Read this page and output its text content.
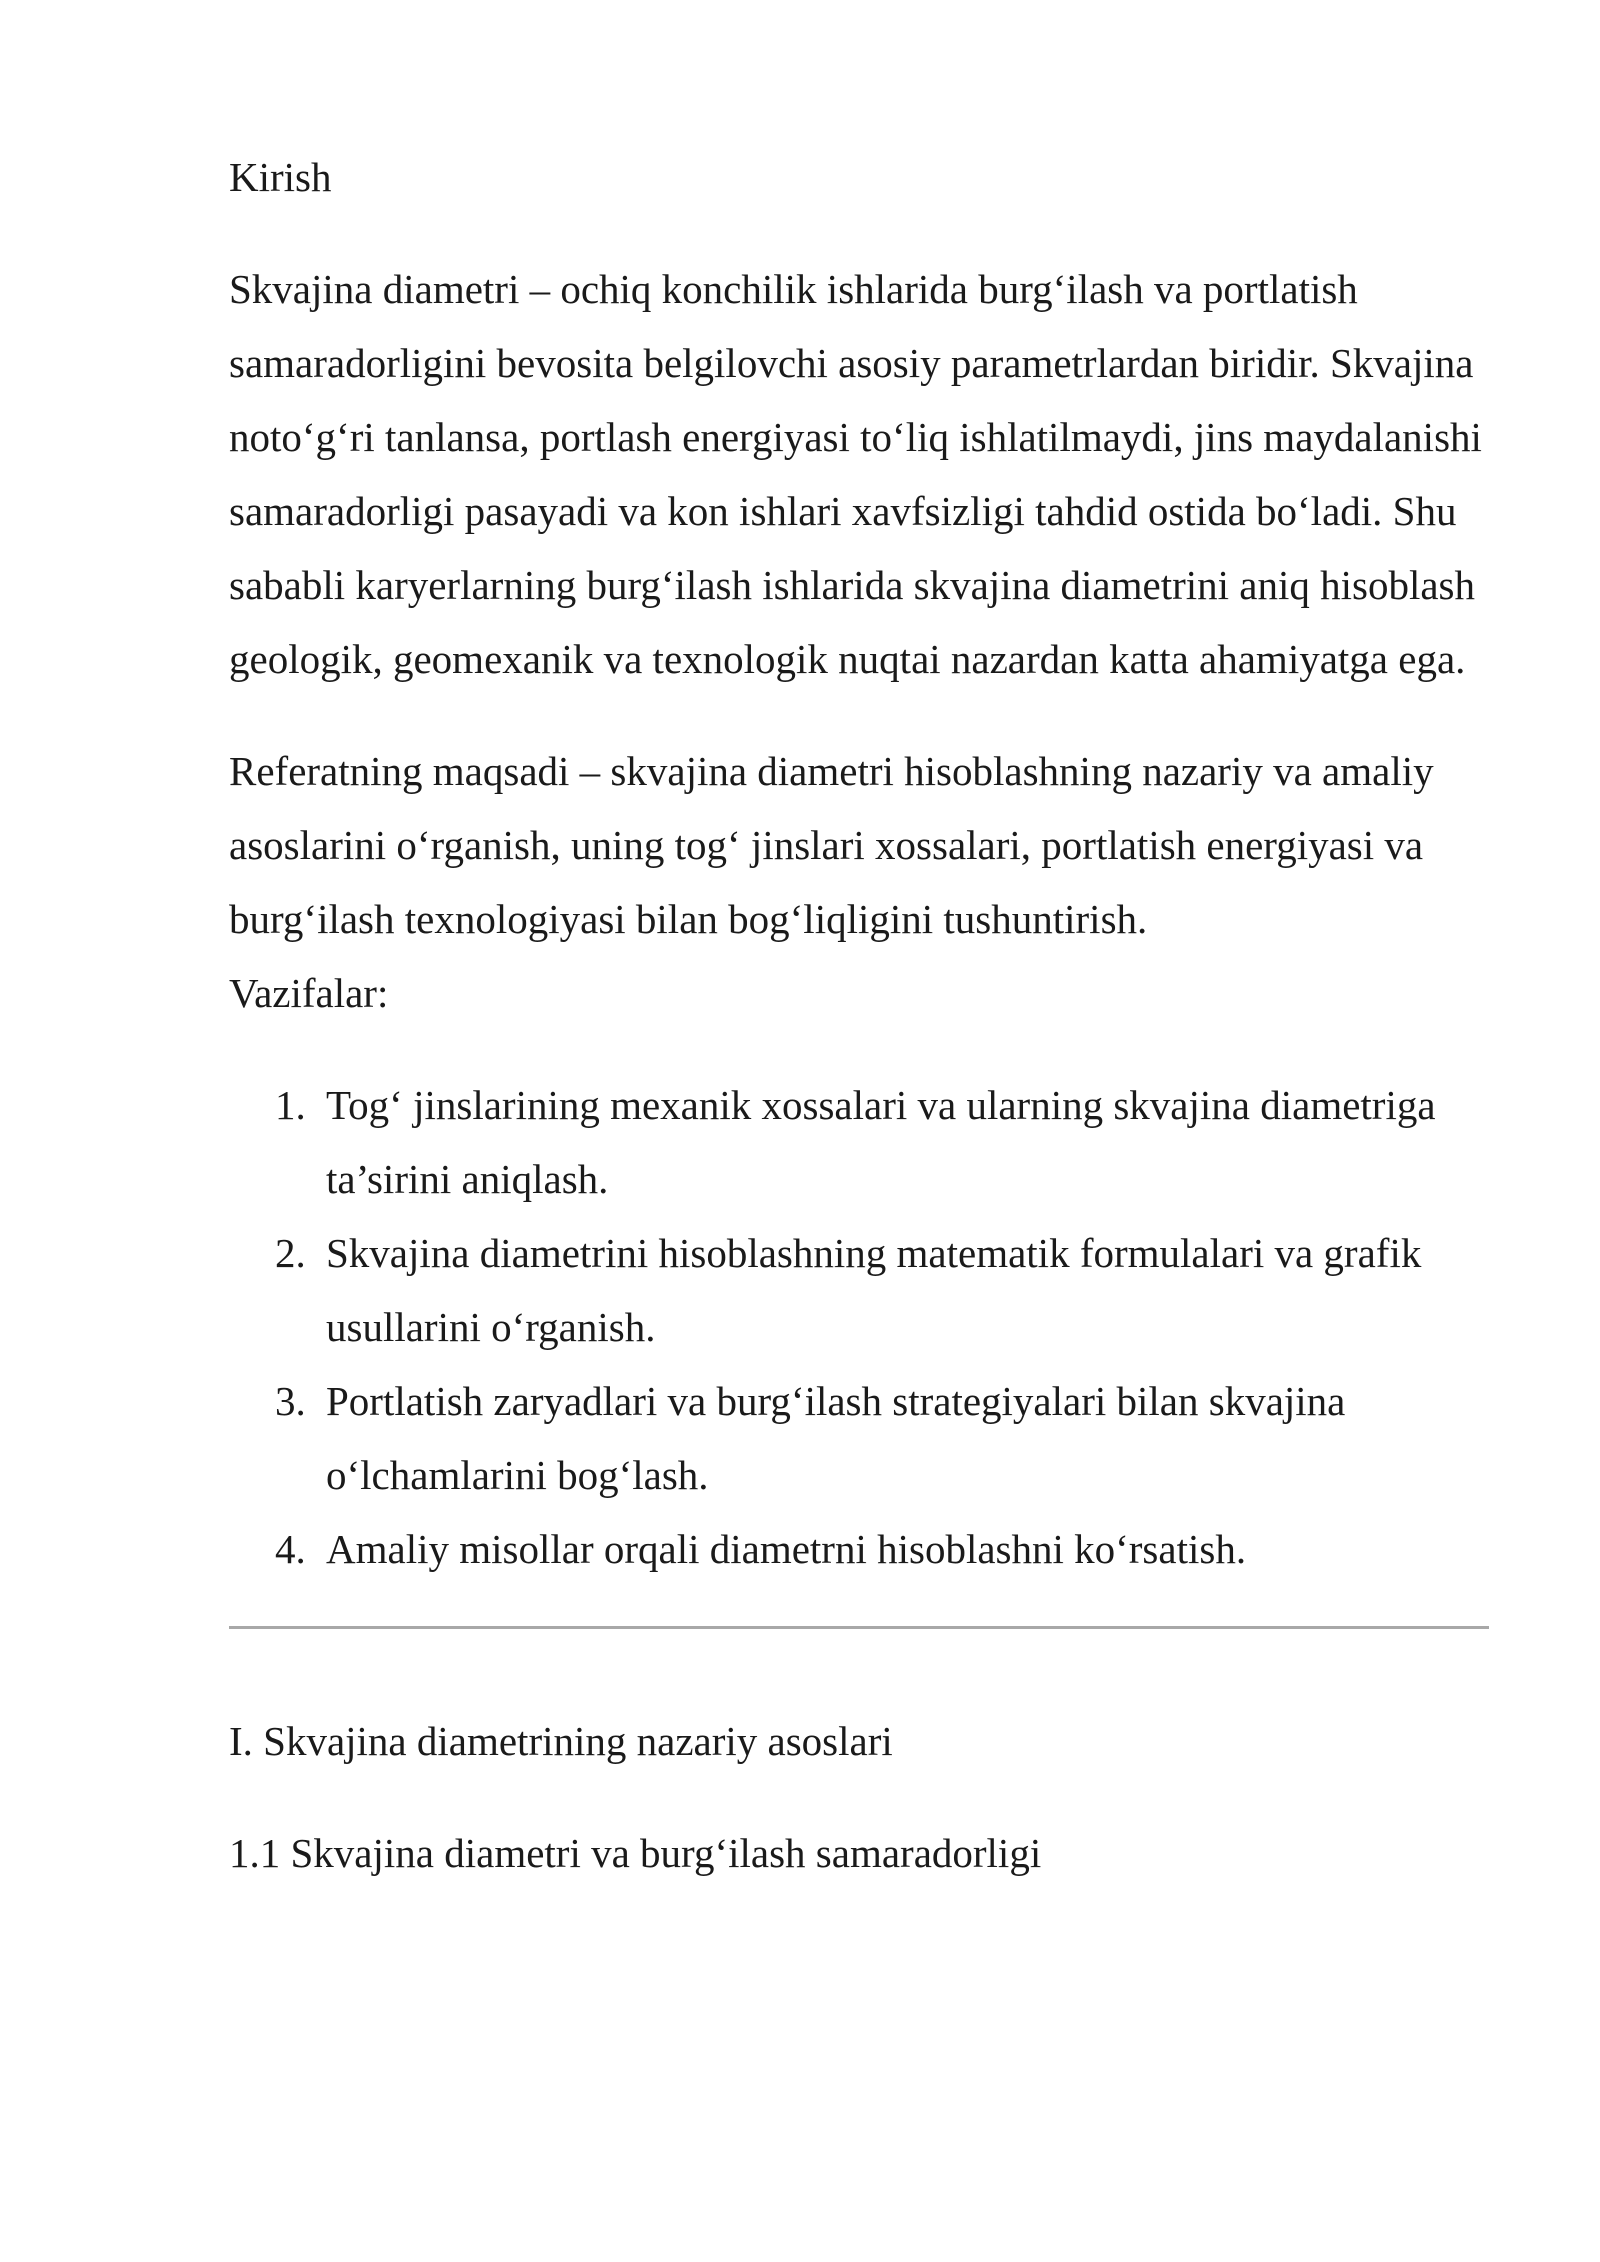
Kirish

Skvajina diametri – ochiq konchilik ishlarida burg‘ilash va portlatish samaradorligini bevosita belgilovchi asosiy parametrlardan biridir. Skvajina noto‘g‘ri tanlansa, portlash energiyasi to‘liq ishlatilmaydi, jins maydalanishi samaradorligi pasayadi va kon ishlari xavfsizligi tahdid ostida bo‘ladi. Shu sababli karyerlarning burg‘ilash ishlarida skvajina diametrini aniq hisoblash geologik, geomexanik va texnologik nuqtai nazardan katta ahamiyatga ega.

Referatning maqsadi – skvajina diametri hisoblashning nazariy va amaliy asoslarini o‘rganish, uning tog‘ jinslari xossalari, portlatish energiyasi va burg‘ilash texnologiyasi bilan bog‘liqligini tushuntirish.

Vazifalar:

1. Tog‘ jinslarining mexanik xossalari va ularning skvajina diametriga ta’sirini aniqlash.
2. Skvajina diametrini hisoblashning matematik formulalari va grafik usullarini o‘rganish.
3. Portlatish zaryadlari va burg‘ilash strategiyalari bilan skvajina o‘lchamlarini bog‘lash.
4. Amaliy misollar orqali diametrni hisoblashni ko‘rsatish.

I. Skvajina diametrining nazariy asoslari

1.1 Skvajina diametri va burg‘ilash samaradorligi
